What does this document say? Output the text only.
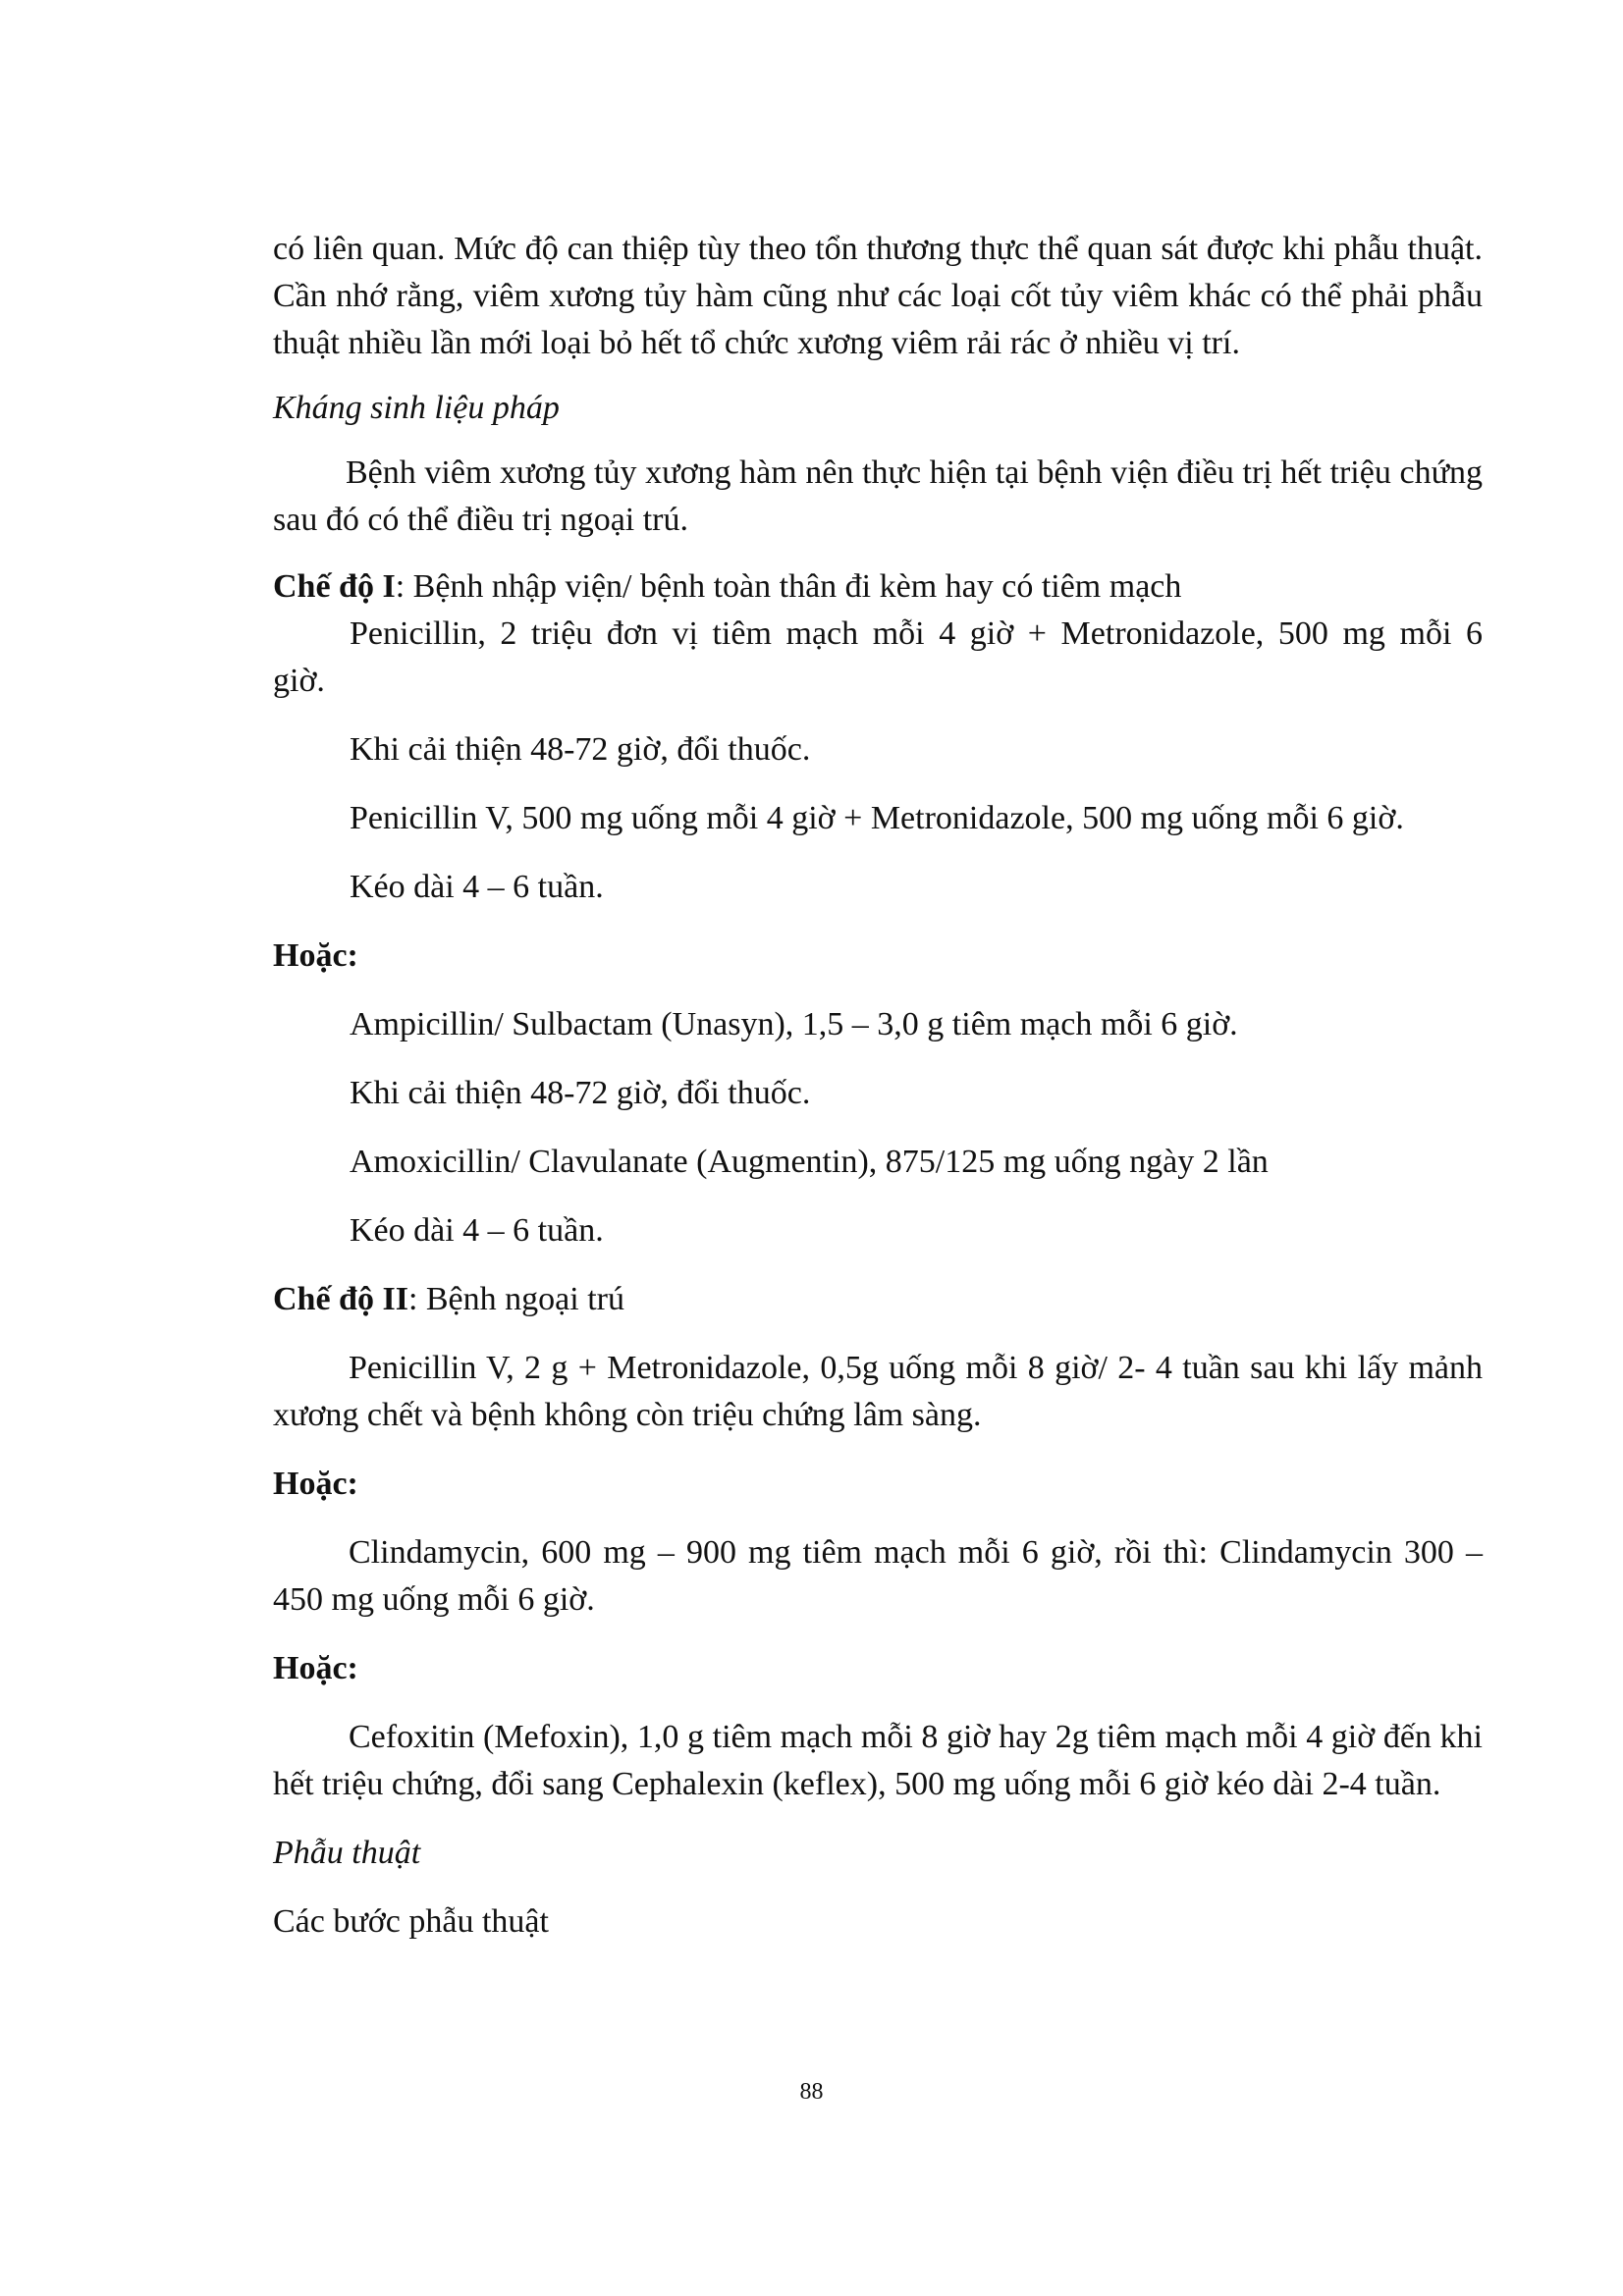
có liên quan. Mức độ can thiệp tùy theo tổn thương thực thể quan sát được khi phẫu thuật. Cần nhớ rằng, viêm xương tủy hàm cũng như các loại cốt tủy viêm khác có thể phải phẫu thuật nhiều lần mới loại bỏ hết tổ chức xương viêm rải rác ở nhiều vị trí.

Kháng sinh liệu pháp

Bệnh viêm xương tủy xương hàm nên thực hiện tại bệnh viện điều trị hết triệu chứng sau đó có thể điều trị ngoại trú.

Chế độ I: Bệnh nhập viện/ bệnh toàn thân đi kèm hay có tiêm mạch

Penicillin, 2 triệu đơn vị tiêm mạch mỗi 4 giờ + Metronidazole, 500 mg mỗi 6
giờ.

Khi cải thiện 48-72 giờ, đổi thuốc.

Penicillin V, 500 mg uống mỗi 4 giờ + Metronidazole, 500 mg uống mỗi 6 giờ.

Kéo dài 4 – 6 tuần.

Hoặc:

Ampicillin/ Sulbactam (Unasyn), 1,5 – 3,0 g tiêm mạch mỗi 6 giờ.

Khi cải thiện 48-72 giờ, đổi thuốc.

Amoxicillin/ Clavulanate (Augmentin), 875/125 mg uống ngày 2 lần

Kéo dài 4 – 6 tuần.

Chế độ II: Bệnh ngoại trú

Penicillin V, 2 g + Metronidazole, 0,5g uống mỗi 8 giờ/ 2- 4 tuần sau khi lấy mảnh xương chết và bệnh không còn triệu chứng lâm sàng.

Hoặc:

Clindamycin, 600 mg – 900 mg tiêm mạch mỗi 6 giờ, rồi thì: Clindamycin 300 – 450 mg uống mỗi 6 giờ.

Hoặc:

Cefoxitin (Mefoxin), 1,0 g tiêm mạch mỗi 8 giờ hay 2g tiêm mạch mỗi 4 giờ đến khi hết triệu chứng, đổi sang Cephalexin (keflex), 500 mg uống mỗi 6 giờ kéo dài 2-4 tuần.

Phẫu thuật

Các bước phẫu thuật

88
